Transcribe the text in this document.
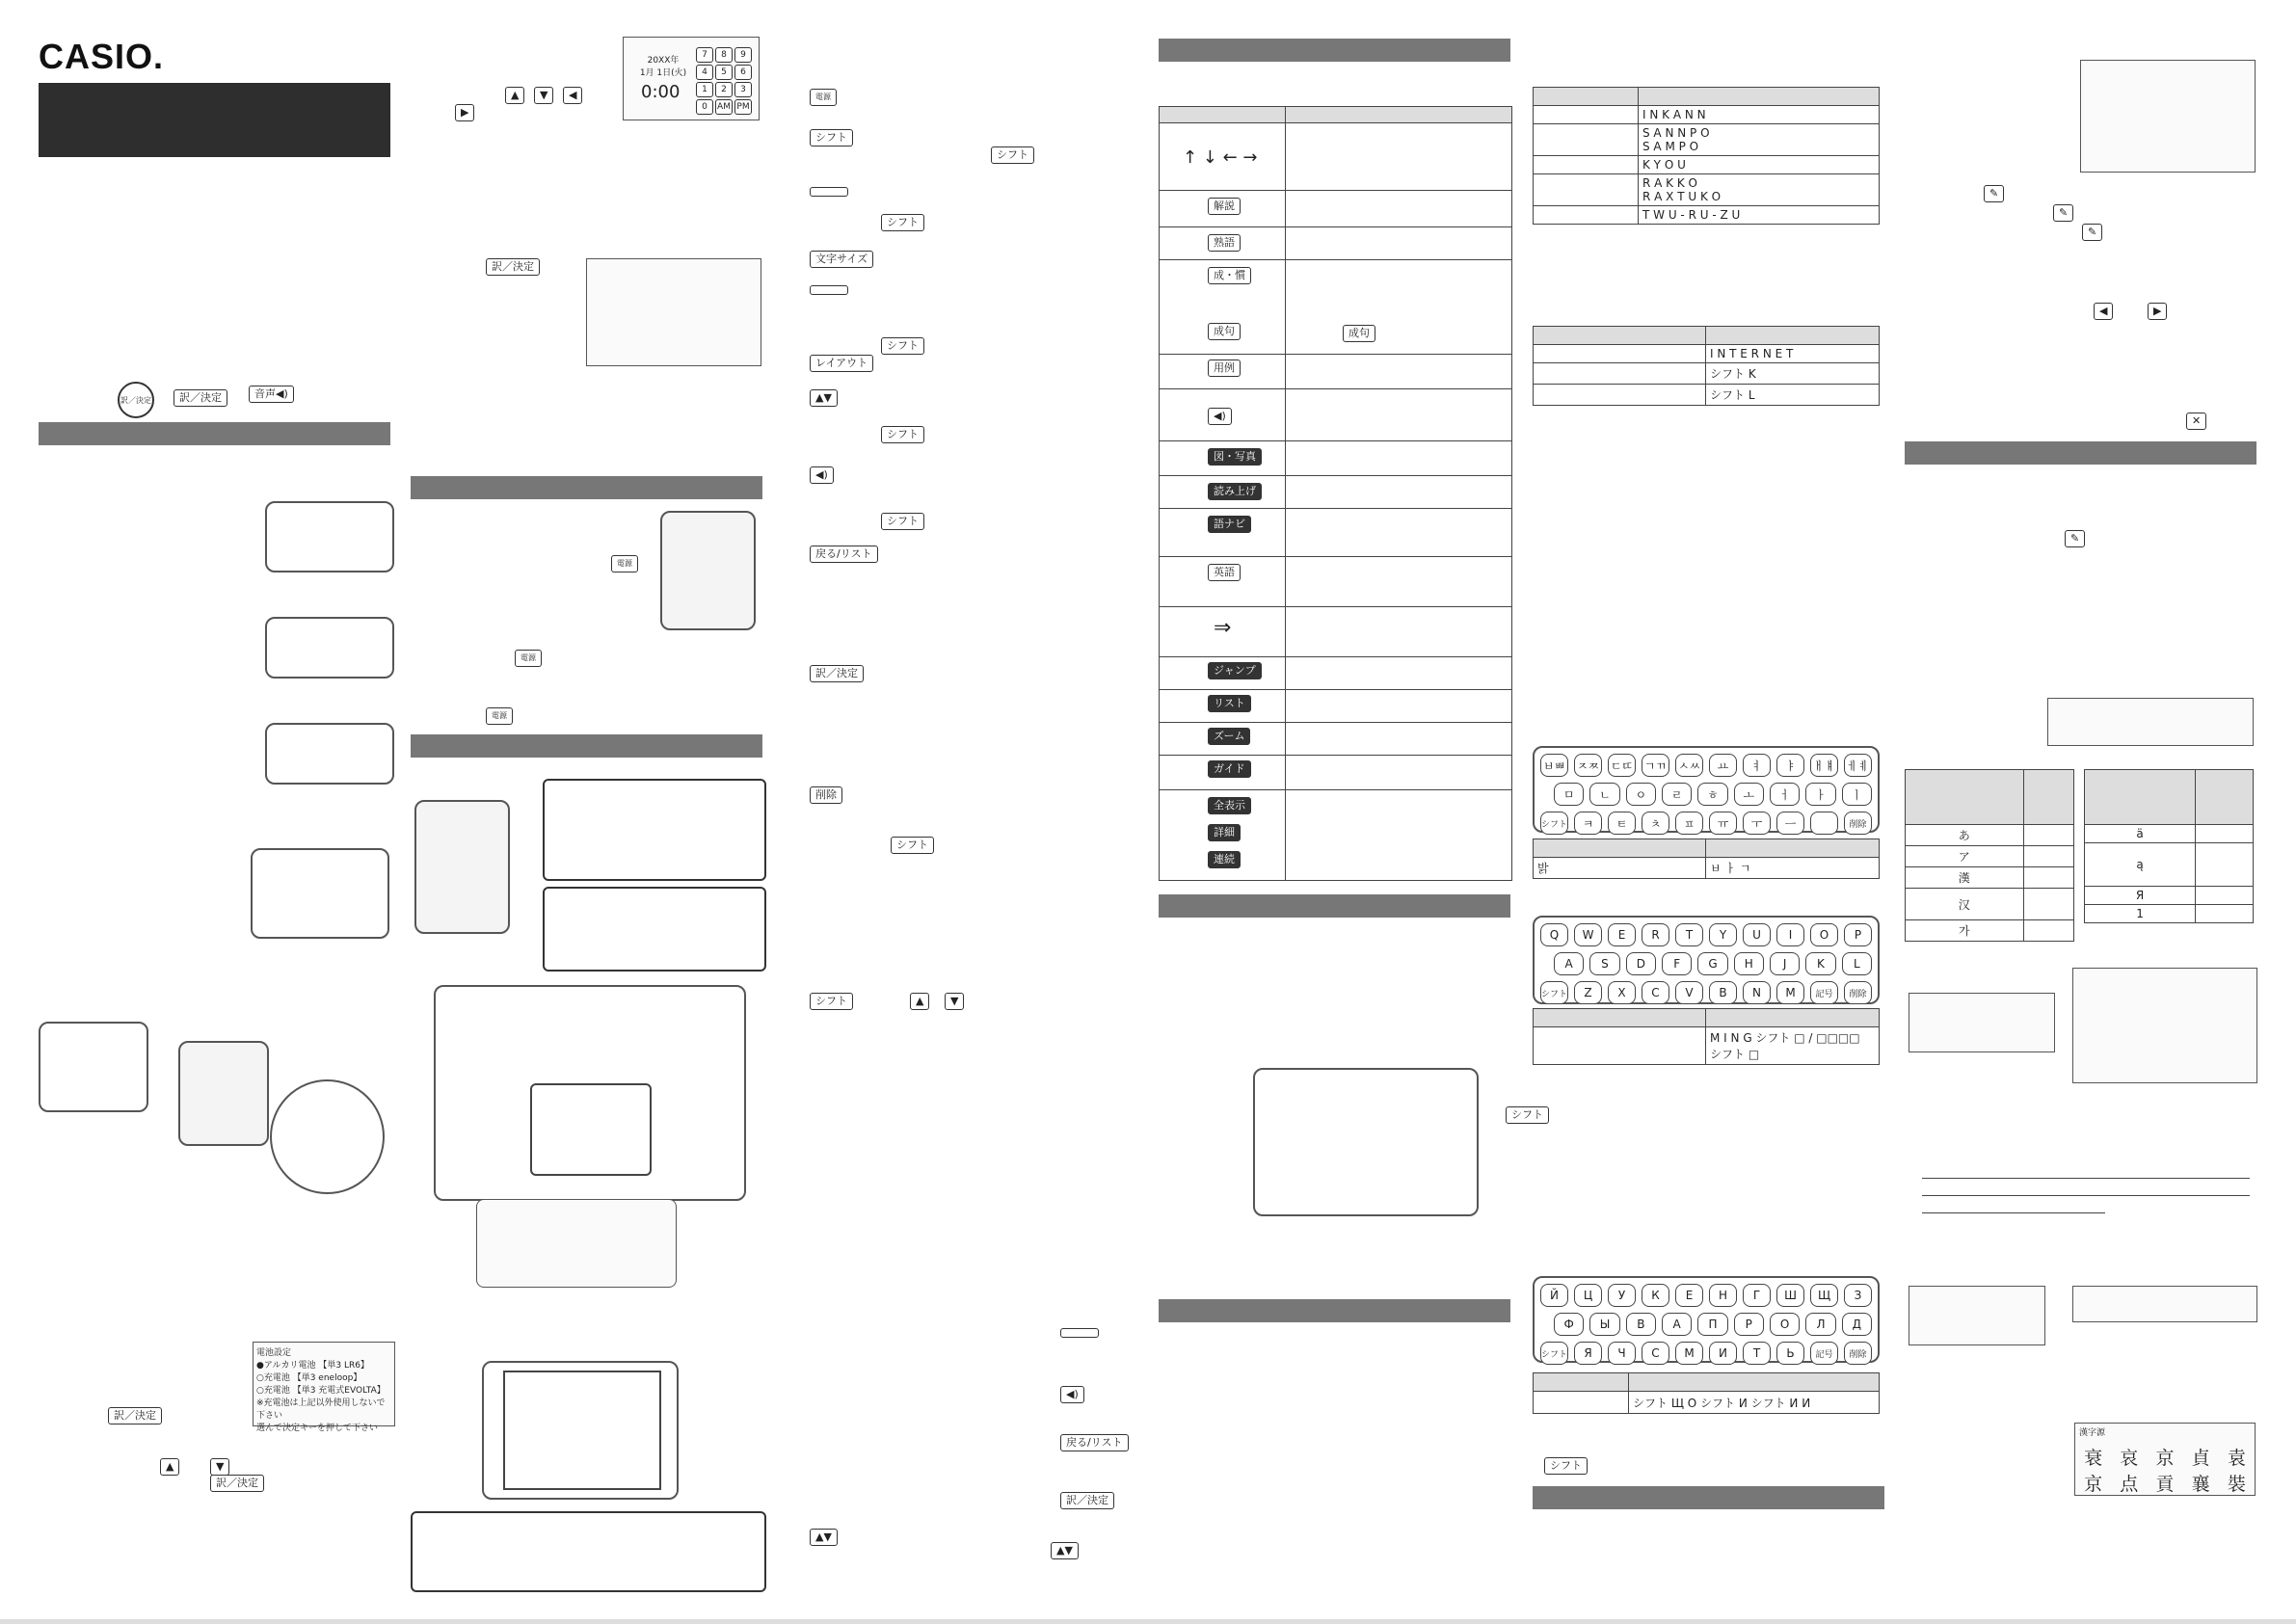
CASIO.
訳／決定	訳／決定	音声◀)
電池設定
●アルカリ電池 【単3 LR6】
○充電池 【単3 eneloop】
○充電池 【単3 充電式EVOLTA】
※充電池は上記以外使用しないで下さい
選んで決定キーを押して下さい
訳／決定
訳／決定
▲	▼
20XX年
1月 1日(火)
0:00
7	8	9
4	5	6
1	2	3
0	AM PM
▲	▼	◀
▶
訳／決定
電源
電源
電源
電源
シフト
シフト
シフト
文字サイズ
シフト
レイアウト
▲▼
シフト
◀)
シフト
戻る/リスト
訳／決定
削除
シフト
シフト	▲	▼
◀)
戻る/リスト
訳／決定
▲▼
▲▼
↑ ↓ ← →
解説
熟語
成・慣
成句	成句
用例
◀)
図・写真
読み上げ
語ナビ
英語
⇒
ジャンプ
リスト
ズーム
ガイド
全表示
詳細
連続

	I N K A N N
	S A N N P O
S A M P O
	K Y O U
	R A K K O
R A X T U K O
	T W U - R U - Z U

	I N T E R N E T
	シフト K
	シフト L
ㅂㅃ ㅈㅉ ㄷㄸ ㄱㄲ ㅅㅆ	ㅛ	ㅕ	ㅑ	ㅐㅒ ㅔㅖ
ㅁ	ㄴ	ㅇ	ㄹ	ㅎ	ㅗ	ㅓ	ㅏ	ㅣ
シフト	ㅋ	ㅌ	ㅊ	ㅍ	ㅠ	ㅜ	ㅡ	削除

밝	ㅂ ㅏ ㄱ
Q	W	E	R	T	Y	U	I	O	P
A	S	D	F	G	H	J	K	L
シフト	Z	X	C	V	B	N	M	記号	削除

	M I N G シフト □ / □□□□ シフト □
シフト
Й	Ц	У	К	Е	Н	Г	Ш	Щ	З
Ф	Ы	В	А	П	Р	О	Л	Д
シフト	Я	Ч	С	М	И	Т	Ь	記号	削除

	シフト Щ О シフト И シフト И И
シフト
✎
✎
✎
◀	▶
✕
✎

あ	
ア	
漢	
汉	
가	

ä	
ą	
Я	
1	
漢字源
衰 哀 京 貞 袁
京 点 貢 襄 裝
